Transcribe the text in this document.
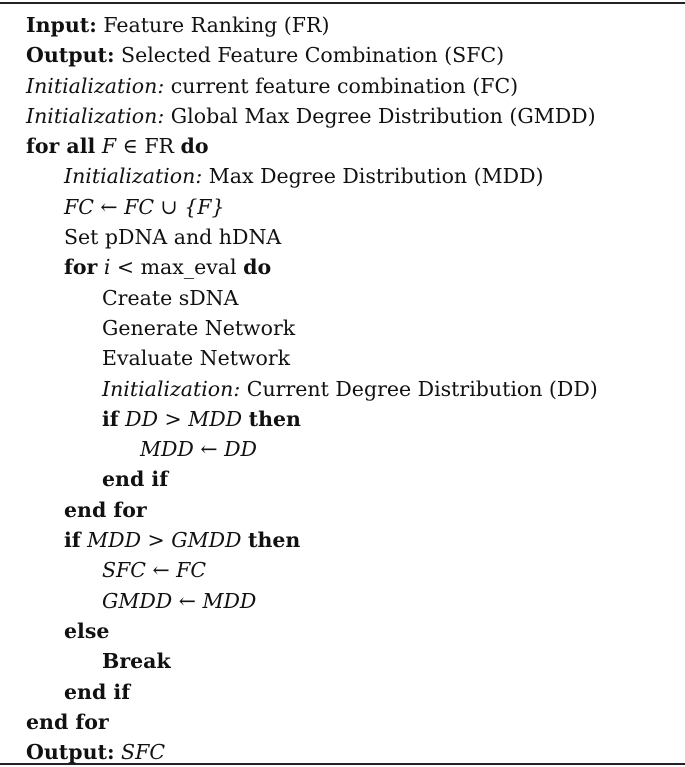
Input: Feature Ranking (FR)
Output: Selected Feature Combination (SFC)
Initialization: current feature combination (FC)
Initialization: Global Max Degree Distribution (GMDD)
for all F ∈ FR do
Initialization: Max Degree Distribution (MDD)
FC ← FC ∪ {F}
Set pDNA and hDNA
for i < max_eval do
Create sDNA
Generate Network
Evaluate Network
Initialization: Current Degree Distribution (DD)
if DD > MDD then
MDD ← DD
end if
end for
if MDD > GMDD then
SFC ← FC
GMDD ← MDD
else
Break
end if
end for
Output: SFC
